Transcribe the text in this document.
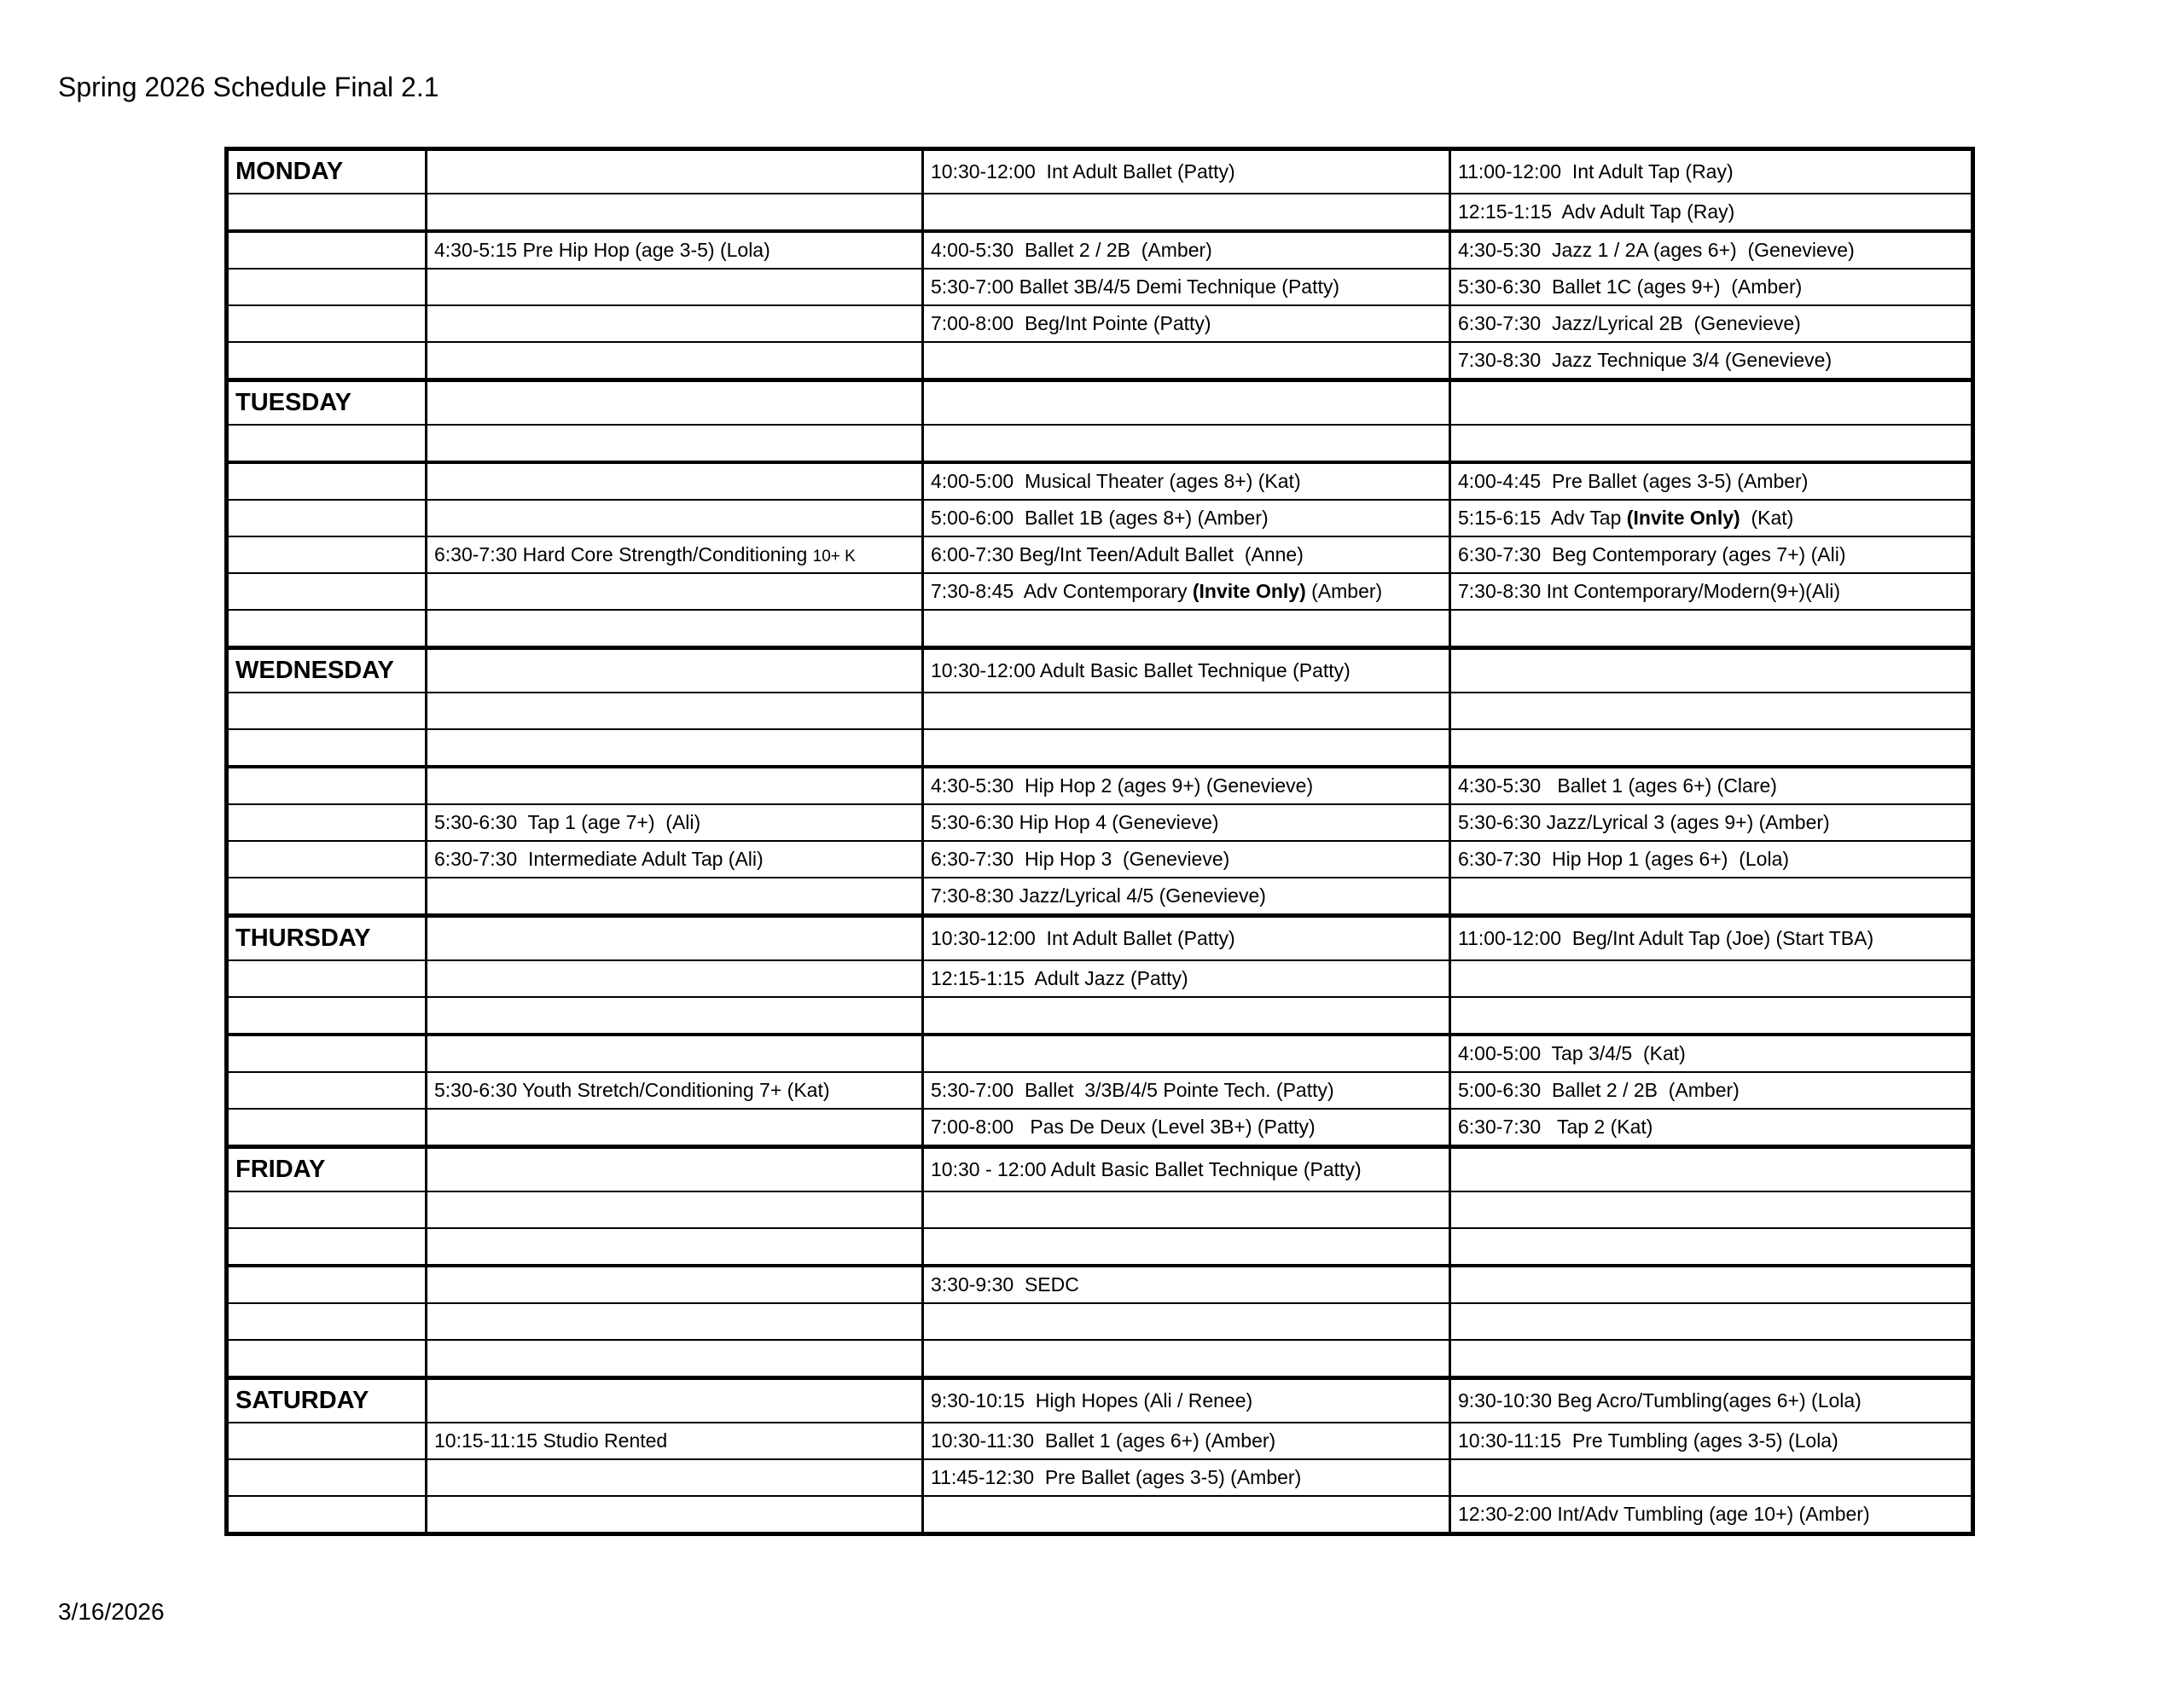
Spring 2026 Schedule Final 2.1
MONDAY		10:30-12:00  Int Adult Ballet (Patty)	11:00-12:00  Int Adult Tap (Ray)
			12:15-1:15  Adv Adult Tap (Ray)
	4:30-5:15 Pre Hip Hop (age 3-5) (Lola)	4:00-5:30  Ballet 2 / 2B  (Amber)	4:30-5:30  Jazz 1 / 2A (ages 6+)  (Genevieve)
		5:30-7:00 Ballet 3B/4/5 Demi Technique (Patty)	5:30-6:30  Ballet 1C (ages 9+)  (Amber)
		7:00-8:00  Beg/Int Pointe (Patty)	6:30-7:30  Jazz/Lyrical 2B  (Genevieve)
			7:30-8:30  Jazz Technique 3/4 (Genevieve)
TUESDAY			

		4:00-5:00  Musical Theater (ages 8+) (Kat)	4:00-4:45  Pre Ballet (ages 3-5) (Amber)
		5:00-6:00  Ballet 1B (ages 8+) (Amber)	5:15-6:15  Adv Tap (Invite Only)  (Kat)
	6:30-7:30 Hard Core Strength/Conditioning 10+ K	6:00-7:30 Beg/Int Teen/Adult Ballet  (Anne)	6:30-7:30  Beg Contemporary (ages 7+) (Ali)
		7:30-8:45  Adv Contemporary (Invite Only) (Amber)	7:30-8:30 Int Contemporary/Modern(9+)(Ali)

WEDNESDAY		10:30-12:00 Adult Basic Ballet Technique (Patty)	

		4:30-5:30  Hip Hop 2 (ages 9+) (Genevieve)	4:30-5:30   Ballet 1 (ages 6+) (Clare)
	5:30-6:30  Tap 1 (age 7+)  (Ali)	5:30-6:30 Hip Hop 4 (Genevieve)	5:30-6:30 Jazz/Lyrical 3 (ages 9+) (Amber)
	6:30-7:30  Intermediate Adult Tap (Ali)	6:30-7:30  Hip Hop 3  (Genevieve)	6:30-7:30  Hip Hop 1 (ages 6+)  (Lola)
		7:30-8:30 Jazz/Lyrical 4/5 (Genevieve)	
THURSDAY		10:30-12:00  Int Adult Ballet (Patty)	11:00-12:00  Beg/Int Adult Tap (Joe) (Start TBA)
		12:15-1:15  Adult Jazz (Patty)	

			4:00-5:00  Tap 3/4/5  (Kat)
	5:30-6:30 Youth Stretch/Conditioning 7+ (Kat)	5:30-7:00  Ballet  3/3B/4/5 Pointe Tech. (Patty)	5:00-6:30  Ballet 2 / 2B  (Amber)
		7:00-8:00   Pas De Deux (Level 3B+) (Patty)	6:30-7:30   Tap 2 (Kat)
FRIDAY		10:30 - 12:00 Adult Basic Ballet Technique (Patty)	

		3:30-9:30  SEDC	

SATURDAY		9:30-10:15  High Hopes (Ali / Renee)	9:30-10:30 Beg Acro/Tumbling(ages 6+) (Lola)
	10:15-11:15 Studio Rented	10:30-11:30  Ballet 1 (ages 6+) (Amber)	10:30-11:15  Pre Tumbling (ages 3-5) (Lola)
		11:45-12:30  Pre Ballet (ages 3-5) (Amber)	
			12:30-2:00 Int/Adv Tumbling (age 10+) (Amber)
3/16/2026
